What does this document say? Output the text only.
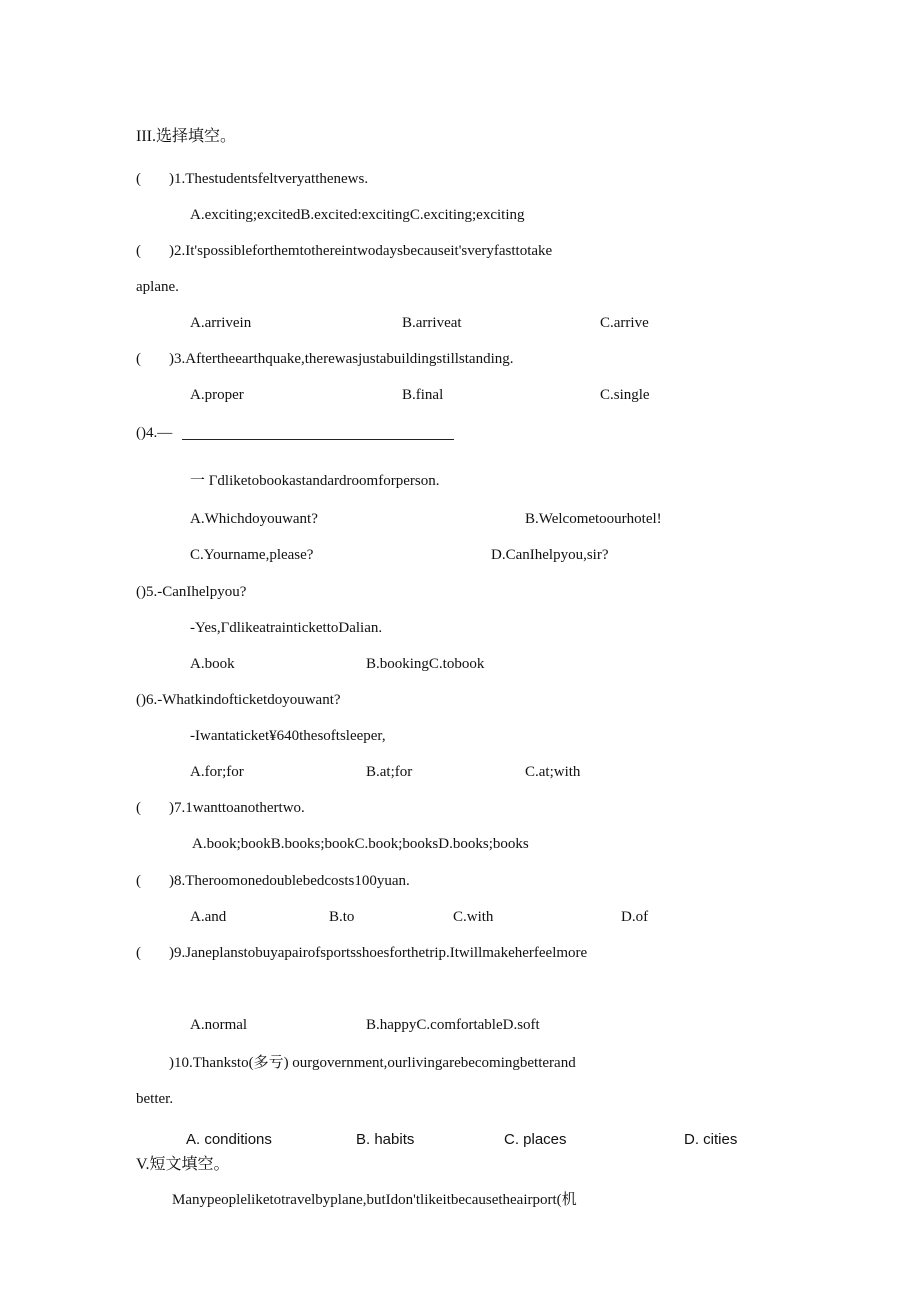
III.选择填空。
( )1.Thestudentsfeltveryatthenews.
A.exciting;excitedB.excited:excitingC.exciting;exciting
( )2.It'spossibleforthemtothereintwodaysbecauseit'sveryfasttotake
aplane.
A.arrivein	B.arriveat	C.arrive
( )3.Aftertheearthquake,therewasjustabuildingstillstanding.
A.proper	B.final	C.single
()4.—
一 Γdliketobookastandardroomforperson.
A.Whichdoyouwant?	B.Welcometoourhotel!
C.Yourname,please?	D.CanIhelpyou,sir?
()5.-CanIhelpyou?
-Yes,ΓdlikeatraintickettoDalian.
A.book	B.bookingC.tobook
()6.-Whatkindofticketdoyouwant?
-Iwantaticket¥640thesoftsleeper,
A.for;for	B.at;for	C.at;with
( )7.1wanttoanothertwo.
A.book;bookB.books;bookC.book;booksD.books;books
( )8.Theroomonedoublebedcosts100yuan.
A.and	B.to	C.with	D.of
( )9.Janeplanstobuyapairofsportsshoesforthetrip.Itwillmakeherfeelmore
A.normal	B.happyC.comfortableD.soft
)10.Thanksto(多亏) ourgovernment,ourlivingarebecomingbetterand
better.
A. conditions	B. habits	C. places	D. cities
V.短文填空。
Manypeopleliketotravelbyplane,butIdon'tlikeitbecausetheairport(机
